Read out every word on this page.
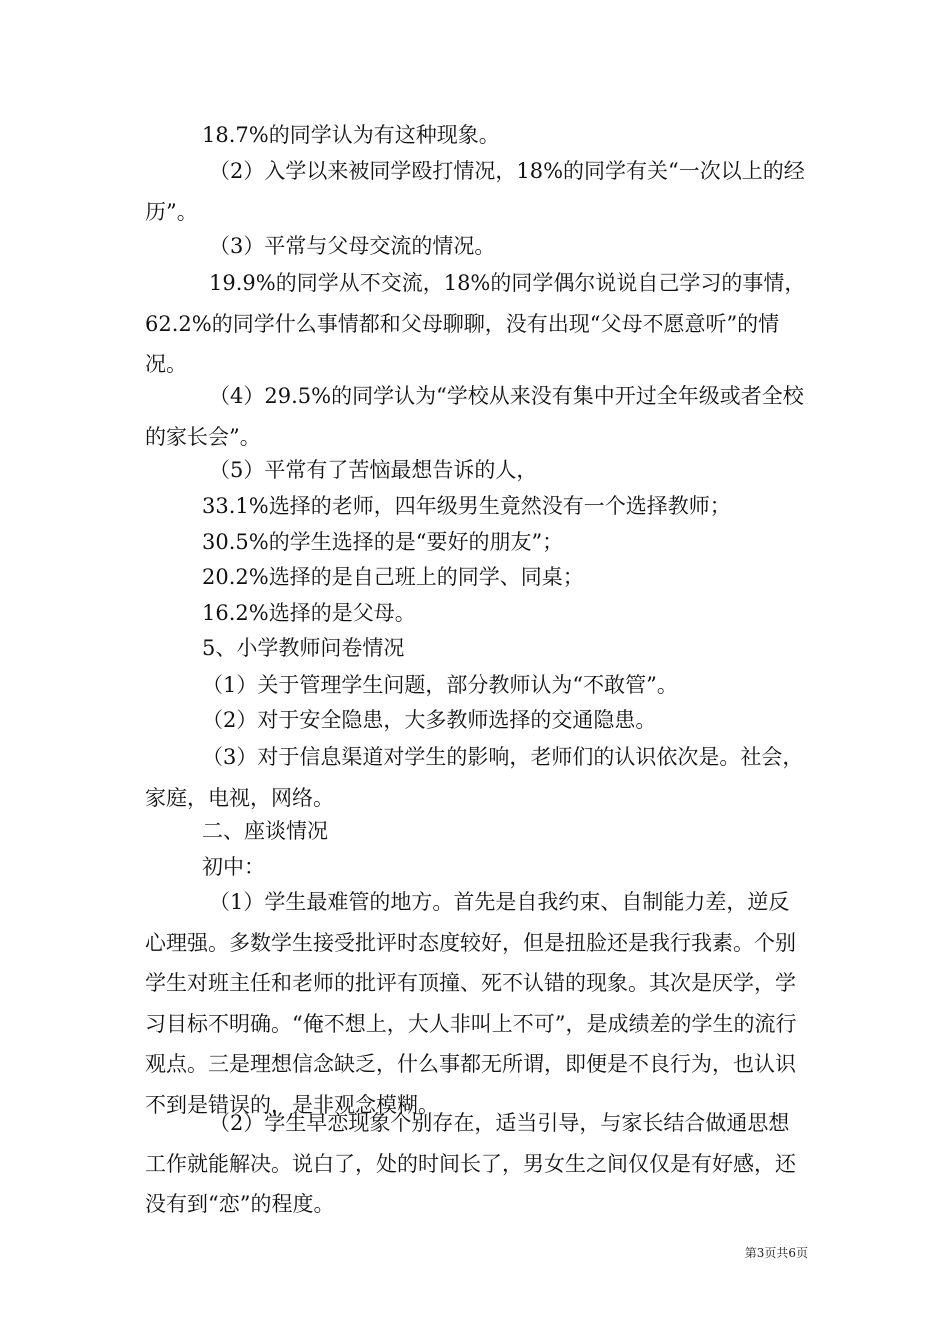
18.7%的同学认为有这种现象。

（2）入学以来被同学殴打情况，18%的同学有关“一次以上的经历”。

（3）平常与父母交流的情况。

19.9%的同学从不交流，18%的同学偶尔说说自己学习的事情，62.2%的同学什么事情都和父母聊聊，没有出现“父母不愿意听”的情况。

（4）29.5%的同学认为“学校从来没有集中开过全年级或者全校的家长会”。

（5）平常有了苦恼最想告诉的人，

33.1%选择的老师，四年级男生竟然没有一个选择教师；

30.5%的学生选择的是“要好的朋友”；

20.2%选择的是自己班上的同学、同桌；

16.2%选择的是父母。

5、小学教师问卷情况

（1）关于管理学生问题，部分教师认为“不敢管”。

（2）对于安全隐患，大多教师选择的交通隐患。

（3）对于信息渠道对学生的影响，老师们的认识依次是。社会，家庭，电视，网络。

二、座谈情况

初中：

（1）学生最难管的地方。首先是自我约束、自制能力差，逆反心理强。多数学生接受批评时态度较好，但是扭脸还是我行我素。个别学生对班主任和老师的批评有顶撞、死不认错的现象。其次是厌学，学习目标不明确。“俺不想上，大人非叫上不可”，是成绩差的学生的流行观点。三是理想信念缺乏，什么事都无所谓，即便是不良行为，也认识不到是错误的，是非观念模糊。

（2）学生早恋现象个别存在，适当引导，与家长结合做通思想工作就能解决。说白了，处的时间长了，男女生之间仅仅是有好感，还没有到“恋”的程度。

第3页共6页
